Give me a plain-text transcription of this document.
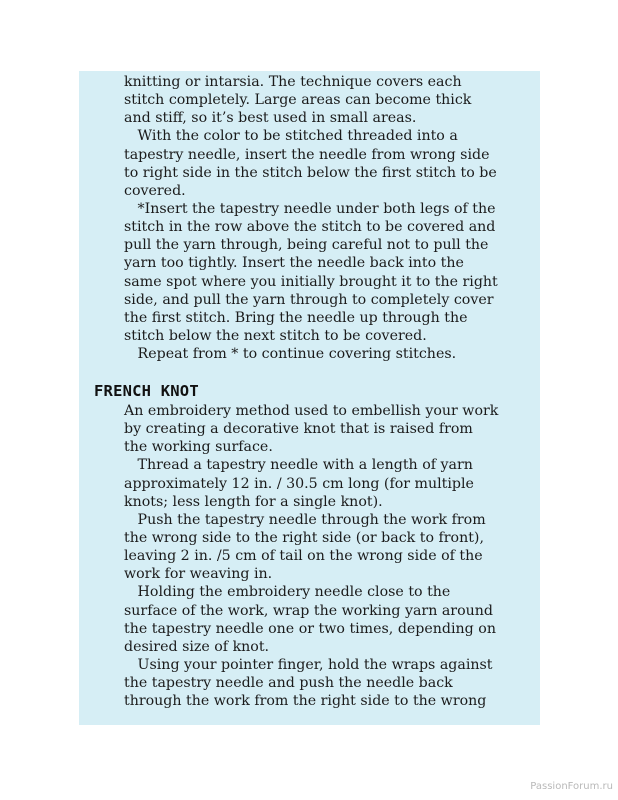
knitting or intarsia. The technique covers each
stitch completely. Large areas can become thick
and stiff, so it’s best used in small areas.
With the color to be stitched threaded into a
tapestry needle, insert the needle from wrong side
to right side in the stitch below the first stitch to be
covered.
*Insert the tapestry needle under both legs of the
stitch in the row above the stitch to be covered and
pull the yarn through, being careful not to pull the
yarn too tightly. Insert the needle back into the
same spot where you initially brought it to the right
side, and pull the yarn through to completely cover
the first stitch. Bring the needle up through the
stitch below the next stitch to be covered.
Repeat from * to continue covering stitches.
FRENCH KNOT
An embroidery method used to embellish your work
by creating a decorative knot that is raised from
the working surface.
Thread a tapestry needle with a length of yarn
approximately 12 in. / 30.5 cm long (for multiple
knots; less length for a single knot).
Push the tapestry needle through the work from
the wrong side to the right side (or back to front),
leaving 2 in. /5 cm of tail on the wrong side of the
work for weaving in.
Holding the embroidery needle close to the
surface of the work, wrap the working yarn around
the tapestry needle one or two times, depending on
desired size of knot.
Using your pointer finger, hold the wraps against
the tapestry needle and push the needle back
through the work from the right side to the wrong
PassionForum.ru
